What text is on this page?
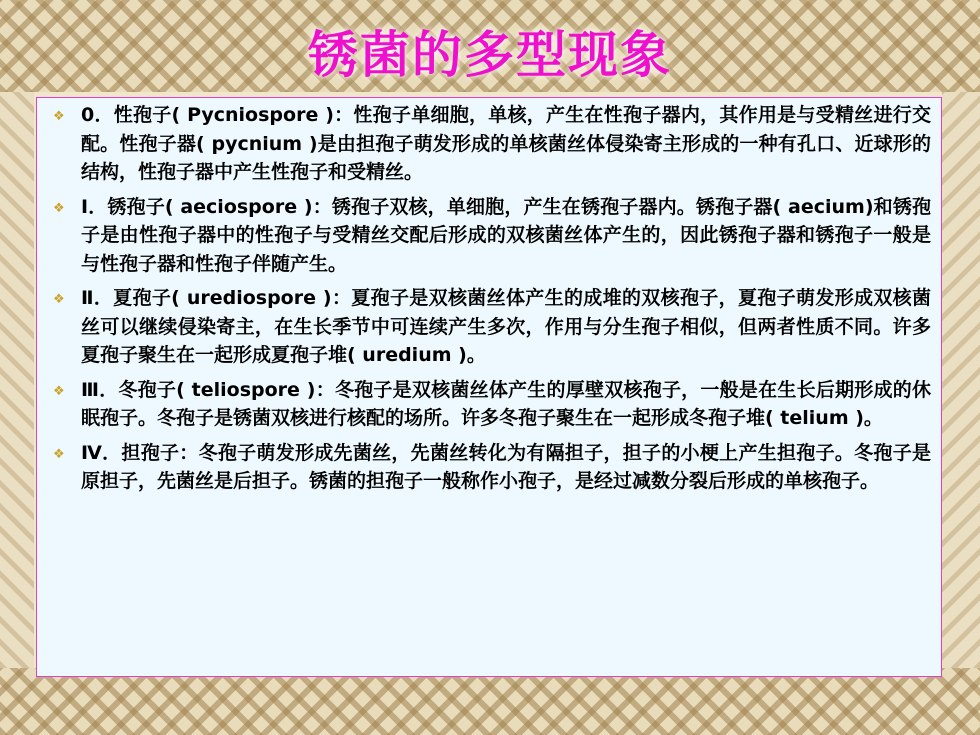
锈菌的多型现象
❖ 0．性孢子( Pycniospore )：性孢子单细胞，单核，产生在性孢子器内，其作用是与受精丝进行交配。性孢子器( pycnium )是由担孢子萌发形成的单核菌丝体侵染寄主形成的一种有孔口、近球形的结构，性孢子器中产生性孢子和受精丝。
❖ Ⅰ．锈孢子( aeciospore )：锈孢子双核，单细胞，产生在锈孢子器内。锈孢子器( aecium)和锈孢子是由性孢子器中的性孢子与受精丝交配后形成的双核菌丝体产生的，因此锈孢子器和锈孢子一般是与性孢子器和性孢子伴随产生。
❖ Ⅱ．夏孢子( urediospore )：夏孢子是双核菌丝体产生的成堆的双核孢子，夏孢子萌发形成双核菌丝可以继续侵染寄主，在生长季节中可连续产生多次，作用与分生孢子相似，但两者性质不同。许多夏孢子聚生在一起形成夏孢子堆( uredium )。
❖ Ⅲ．冬孢子( teliospore )：冬孢子是双核菌丝体产生的厚壁双核孢子，一般是在生长后期形成的休眠孢子。冬孢子是锈菌双核进行核配的场所。许多冬孢子聚生在一起形成冬孢子堆( telium )。
❖ Ⅳ．担孢子：冬孢子萌发形成先菌丝，先菌丝转化为有隔担子，担子的小梗上产生担孢子。冬孢子是原担子，先菌丝是后担子。锈菌的担孢子一般称作小孢子，是经过减数分裂后形成的单核孢子。
